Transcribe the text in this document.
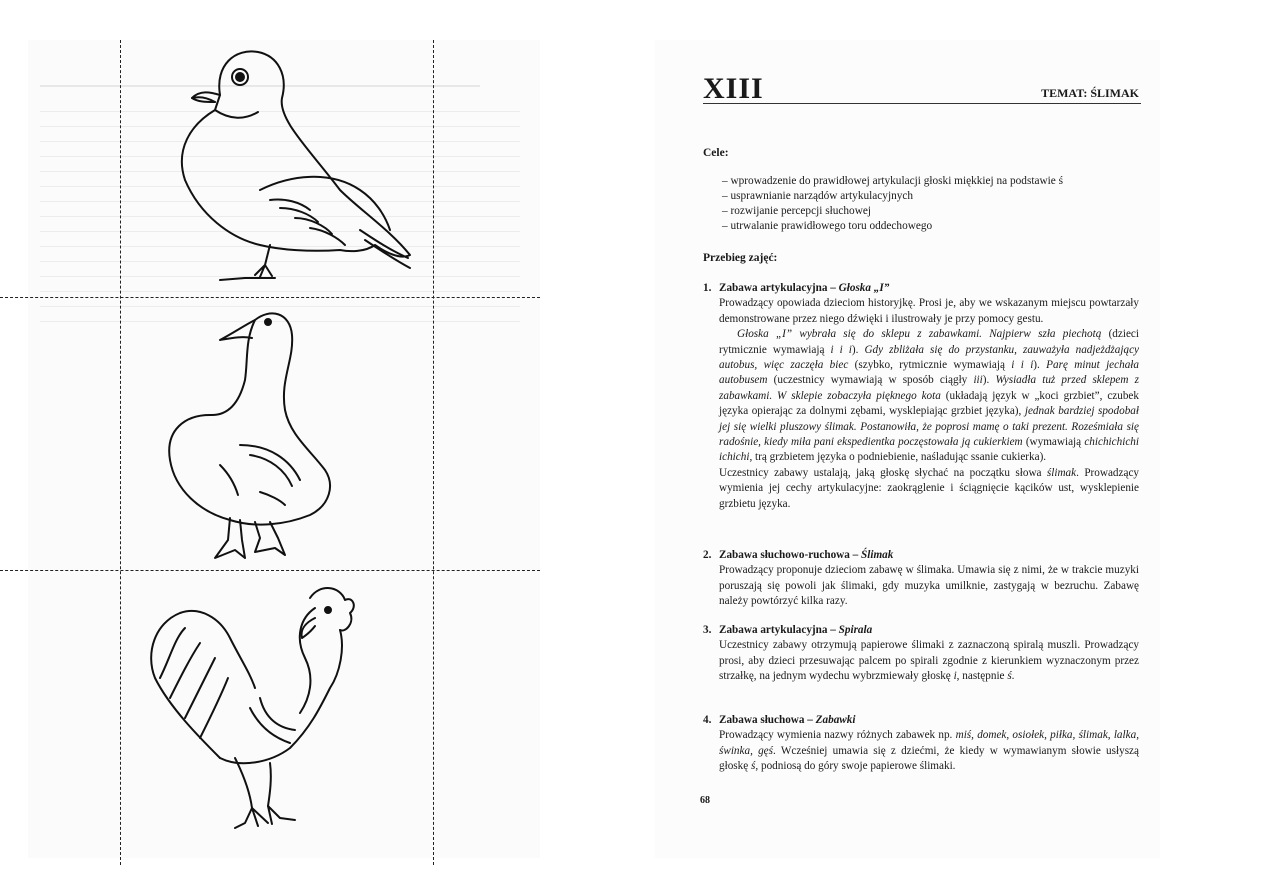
XIII	TEMAT: ŚLIMAK
Cele:
– wprowadzenie do prawidłowej artykulacji głoski miękkiej na podstawie ś
– usprawnianie narządów artykulacyjnych
– rozwijanie percepcji słuchowej
– utrwalanie prawidłowego toru oddechowego
Przebieg zajęć:
1. Zabawa artykulacyjna – Głoska „I”
Prowadzący opowiada dzieciom historyjkę. Prosi je, aby we wskazanym miejscu powtarzały demonstrowane przez niego dźwięki i ilustrowały je przy pomocy gestu.
Głoska „I” wybrała się do sklepu z zabawkami. Najpierw szła piechotą (dzieci rytmicznie wymawiają i i i). Gdy zbliżała się do przystanku, zauważyła nadjeżdżający autobus, więc zaczęła biec (szybko, rytmicznie wymawiają i i i). Parę minut jechała autobusem (uczestnicy wymawiają w sposób ciągły iii). Wysiadła tuż przed sklepem z zabawkami. W sklepie zobaczyła pięknego kota (układają język w „koci grzbiet”, czubek języka opierając za dolnymi zębami, wysklepiając grzbiet języka), jednak bardziej spodobał jej się wielki pluszowy ślimak. Postanowiła, że poprosi mamę o taki prezent. Roześmiała się radośnie, kiedy miła pani ekspedientka poczęstowała ją cukierkiem (wymawiają chichichichi ichichi, trą grzbietem języka o podniebienie, naśladując ssanie cukierka).
Uczestnicy zabawy ustalają, jaką głoskę słychać na początku słowa ślimak. Prowadzący wymienia jej cechy artykulacyjne: zaokrąglenie i ściągnięcie kącików ust, wysklepienie grzbietu języka.
2. Zabawa słuchowo-ruchowa – Ślimak
Prowadzący proponuje dzieciom zabawę w ślimaka. Umawia się z nimi, że w trakcie muzyki poruszają się powoli jak ślimaki, gdy muzyka umilknie, zastygają w bezruchu. Zabawę należy powtórzyć kilka razy.
3. Zabawa artykulacyjna – Spirala
Uczestnicy zabawy otrzymują papierowe ślimaki z zaznaczoną spiralą muszli. Prowadzący prosi, aby dzieci przesuwając palcem po spirali zgodnie z kierunkiem wyznaczonym przez strzałkę, na jednym wydechu wybrzmiewały głoskę i, następnie ś.
4. Zabawa słuchowa – Zabawki
Prowadzący wymienia nazwy różnych zabawek np. miś, domek, osiołek, piłka, ślimak, lalka, świnka, gęś. Wcześniej umawia się z dziećmi, że kiedy w wymawianym słowie usłyszą głoskę ś, podniosą do góry swoje papierowe ślimaki.
68
